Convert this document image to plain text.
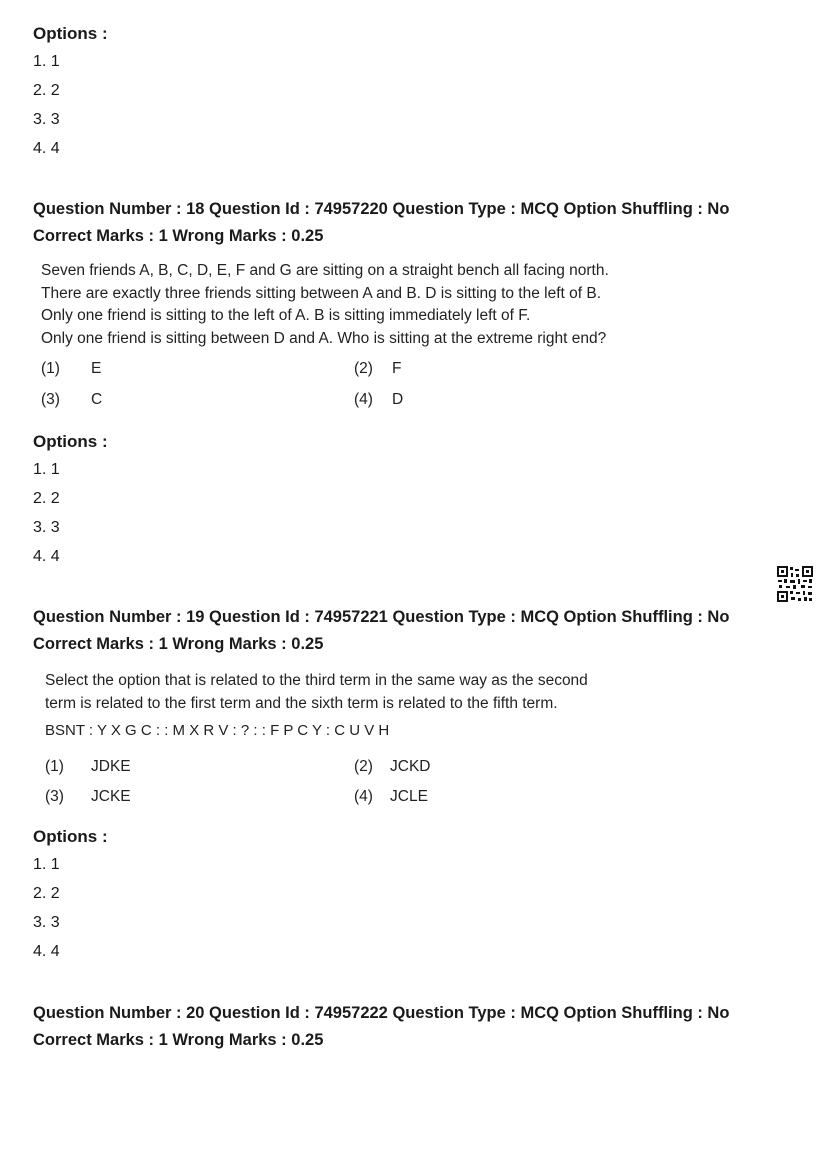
Options :
1. 1
2. 2
3. 3
4. 4
Question Number : 18 Question Id : 74957220 Question Type : MCQ Option Shuffling : No
Correct Marks : 1 Wrong Marks : 0.25
Seven friends A, B, C, D, E, F and G are sitting on a straight bench all facing north.
There are exactly three friends sitting between A and B. D is sitting to the left of B.
Only one friend is sitting to the left of A. B is sitting immediately left of F.
Only one friend is sitting between D and A. Who is sitting at the extreme right end?
(1) E	(2) F
(3) C	(4) D
Options :
1. 1
2. 2
3. 3
4. 4
Question Number : 19 Question Id : 74957221 Question Type : MCQ Option Shuffling : No
Correct Marks : 1 Wrong Marks : 0.25
Select the option that is related to the third term in the same way as the second
term is related to the first term and the sixth term is related to the fifth term.
BSNT : Y X G C : : M X R V : ? : : F P C Y : C U V H
(1) JDKE	(2) JCKD
(3) JCKE	(4) JCLE
Options :
1. 1
2. 2
3. 3
4. 4
Question Number : 20 Question Id : 74957222 Question Type : MCQ Option Shuffling : No
Correct Marks : 1 Wrong Marks : 0.25
